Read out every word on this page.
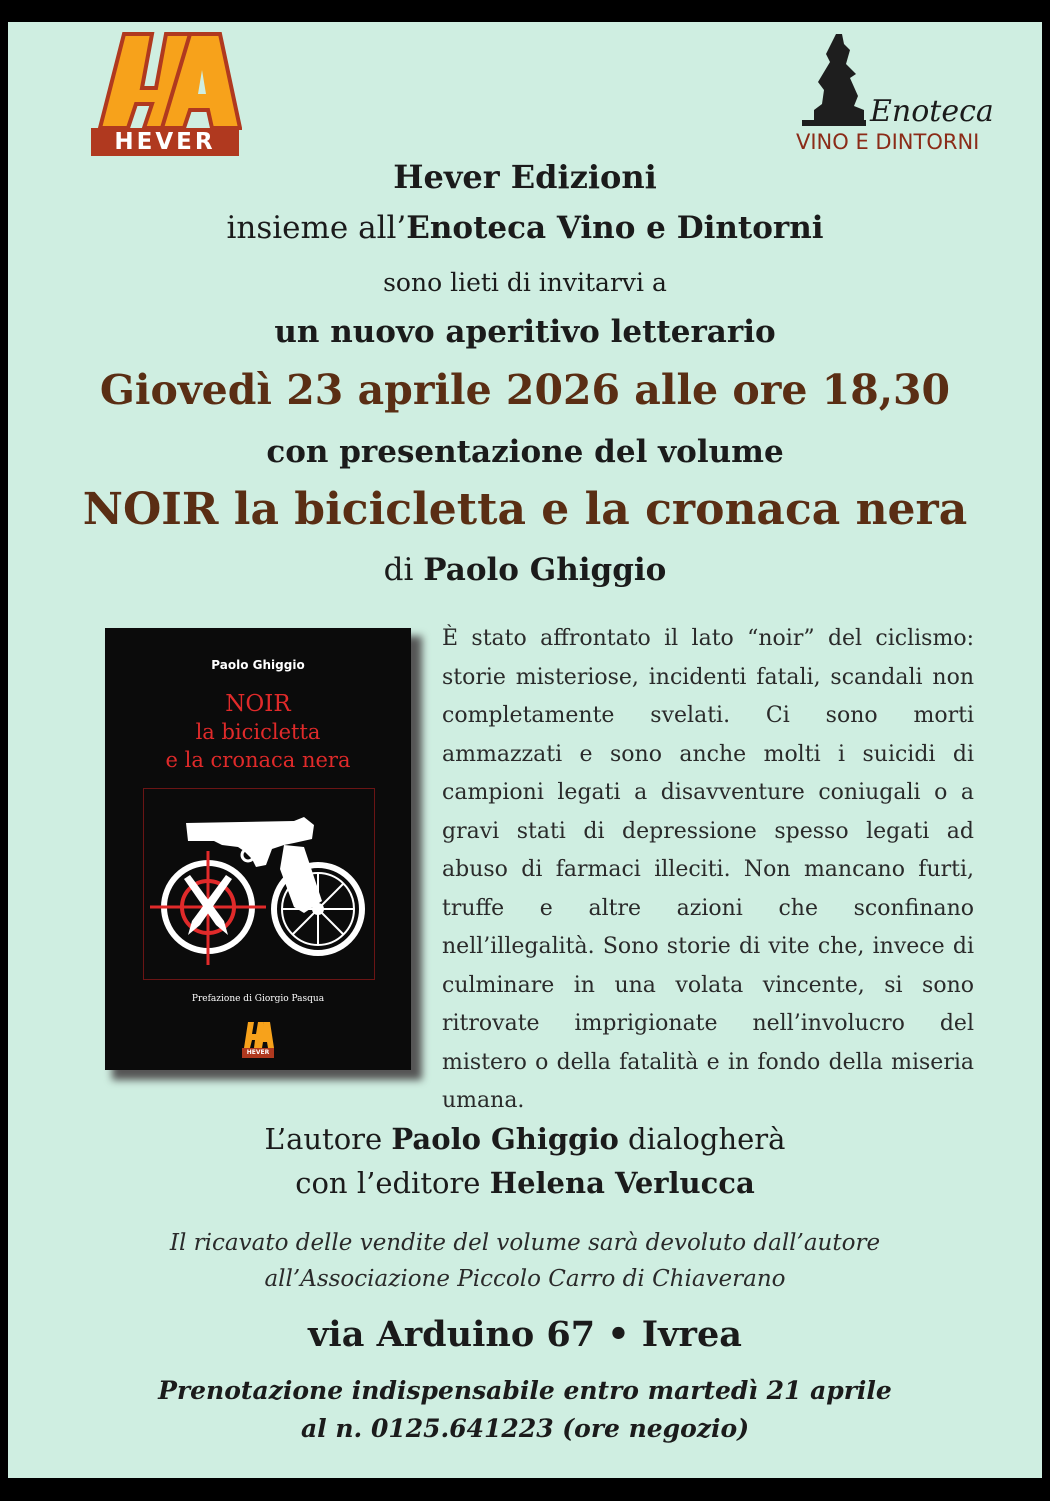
HEVER
Enoteca
VINO E DINTORNI
Hever Edizioni
insieme all’Enoteca Vino e Dintorni
sono lieti di invitarvi a
un nuovo aperitivo letterario
Giovedì 23 aprile 2026 alle ore 18,30
con presentazione del volume
NOIR la bicicletta e la cronaca nera
di Paolo Ghiggio
Paolo Ghiggio
NOIR
la bicicletta
e la cronaca nera
Prefazione di Giorgio Pasqua
HEVER
È stato affrontato il lato “noir” del ciclismo: storie misteriose, incidenti fatali, scandali non completamente svelati. Ci sono morti ammazzati e sono anche molti i suicidi di campioni legati a disavventure coniugali o a gravi stati di depressione spesso legati ad abuso di farmaci illeciti. Non mancano furti, truffe e altre azioni che sconfinano nell’illegalità. Sono storie di vite che, invece di culminare in una volata vincente, si sono ritrovate imprigionate nell’involucro del mistero o della fatalità e in fondo della miseria umana.
L’autore Paolo Ghiggio dialogherà
con l’editore Helena Verlucca
Il ricavato delle vendite del volume sarà devoluto dall’autore
all’Associazione Piccolo Carro di Chiaverano
via Arduino 67 • Ivrea
Prenotazione indispensabile entro martedì 21 aprile
al n. 0125.641223 (ore negozio)
